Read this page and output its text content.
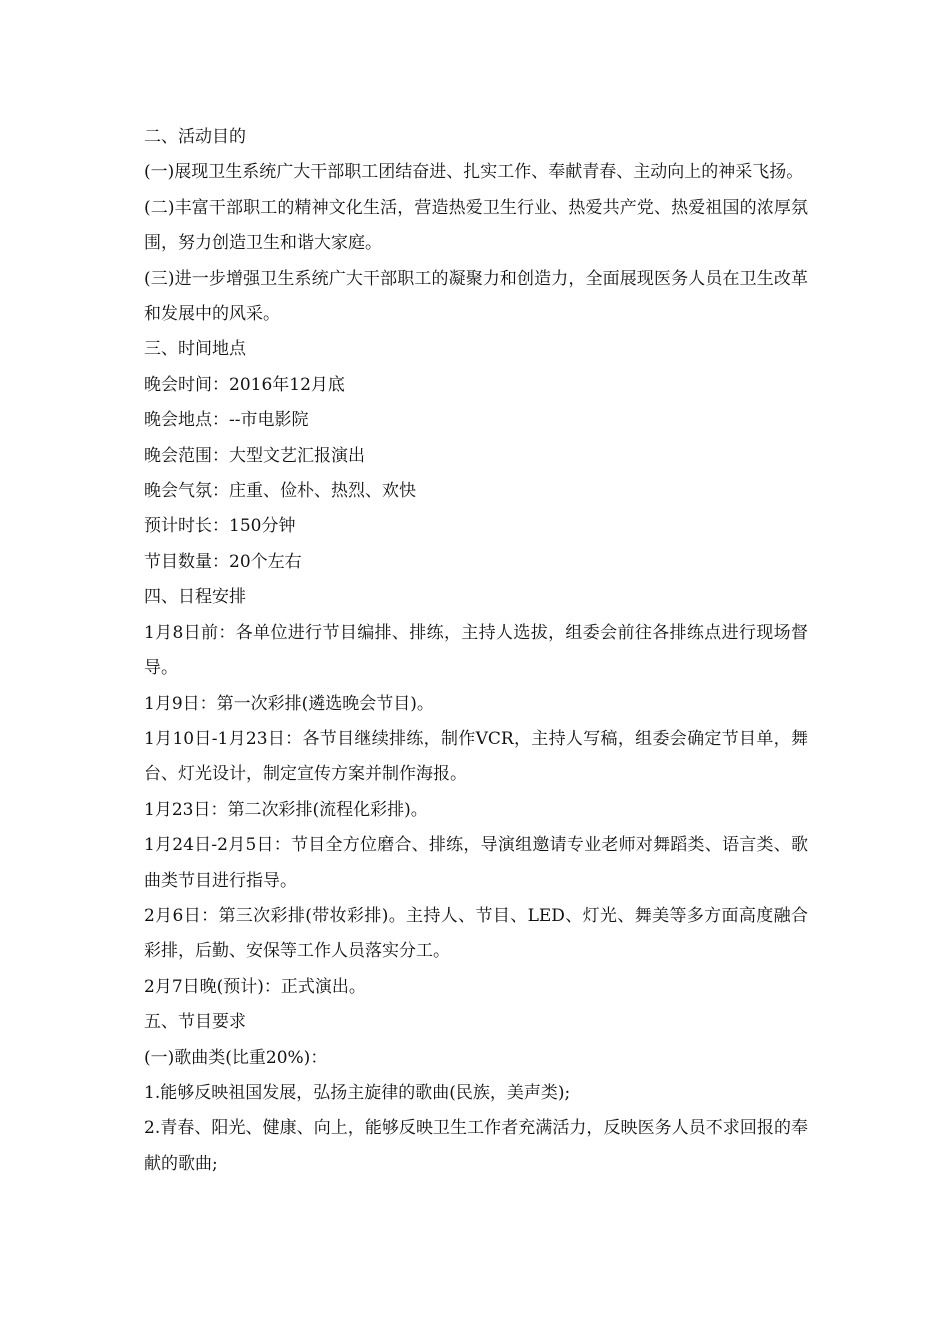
二、活动目的

(一)展现卫生系统广大干部职工团结奋进、扎实工作、奉献青春、主动向上的神采飞扬。

(二)丰富干部职工的精神文化生活，营造热爱卫生行业、热爱共产党、热爱祖国的浓厚氛围，努力创造卫生和谐大家庭。

(三)进一步增强卫生系统广大干部职工的凝聚力和创造力，全面展现医务人员在卫生改革和发展中的风采。

三、时间地点

晚会时间：2016年12月底

晚会地点：--市电影院

晚会范围：大型文艺汇报演出

晚会气氛：庄重、俭朴、热烈、欢快

预计时长：150分钟

节目数量：20个左右

四、日程安排

1月8日前：各单位进行节目编排、排练，主持人选拔，组委会前往各排练点进行现场督导。

1月9日：第一次彩排(遴选晚会节目)。

1月10日-1月23日：各节目继续排练，制作VCR，主持人写稿，组委会确定节目单，舞台、灯光设计，制定宣传方案并制作海报。

1月23日：第二次彩排(流程化彩排)。

1月24日-2月5日：节目全方位磨合、排练，导演组邀请专业老师对舞蹈类、语言类、歌曲类节目进行指导。

2月6日：第三次彩排(带妆彩排)。主持人、节目、LED、灯光、舞美等多方面高度融合彩排，后勤、安保等工作人员落实分工。

2月7日晚(预计)：正式演出。

五、节目要求

(一)歌曲类(比重20%)：

1.能够反映祖国发展，弘扬主旋律的歌曲(民族，美声类);

2.青春、阳光、健康、向上，能够反映卫生工作者充满活力，反映医务人员不求回报的奉献的歌曲;
